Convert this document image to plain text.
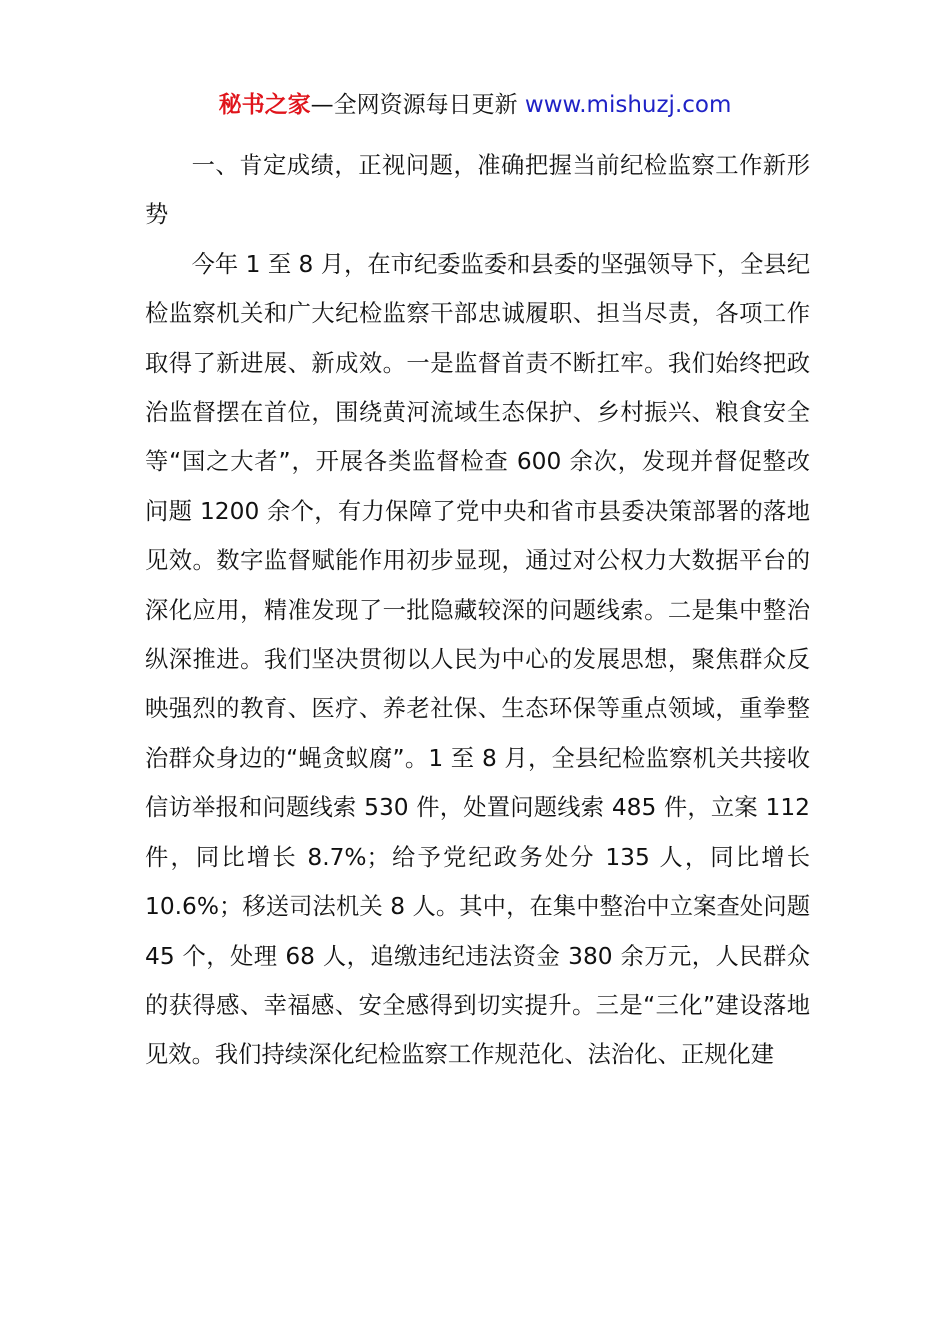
秘书之家—全网资源每日更新 www.mishuzj.com

一、肯定成绩，正视问题，准确把握当前纪检监察工作新形势

今年 1 至 8 月，在市纪委监委和县委的坚强领导下，全县纪检监察机关和广大纪检监察干部忠诚履职、担当尽责，各项工作取得了新进展、新成效。一是监督首责不断扛牢。我们始终把政治监督摆在首位，围绕黄河流域生态保护、乡村振兴、粮食安全等“国之大者”，开展各类监督检查 600 余次，发现并督促整改问题 1200 余个，有力保障了党中央和省市县委决策部署的落地见效。数字监督赋能作用初步显现，通过对公权力大数据平台的深化应用，精准发现了一批隐藏较深的问题线索。二是集中整治纵深推进。我们坚决贯彻以人民为中心的发展思想，聚焦群众反映强烈的教育、医疗、养老社保、生态环保等重点领域，重拳整治群众身边的“蝇贪蚁腐”。1 至 8 月，全县纪检监察机关共接收信访举报和问题线索 530 件，处置问题线索 485 件，立案 112 件，同比增长 8.7%；给予党纪政务处分 135 人，同比增长 10.6%；移送司法机关 8 人。其中，在集中整治中立案查处问题 45 个，处理 68 人，追缴违纪违法资金 380 余万元，人民群众的获得感、幸福感、安全感得到切实提升。三是“三化”建设落地见效。我们持续深化纪检监察工作规范化、法治化、正规化建
